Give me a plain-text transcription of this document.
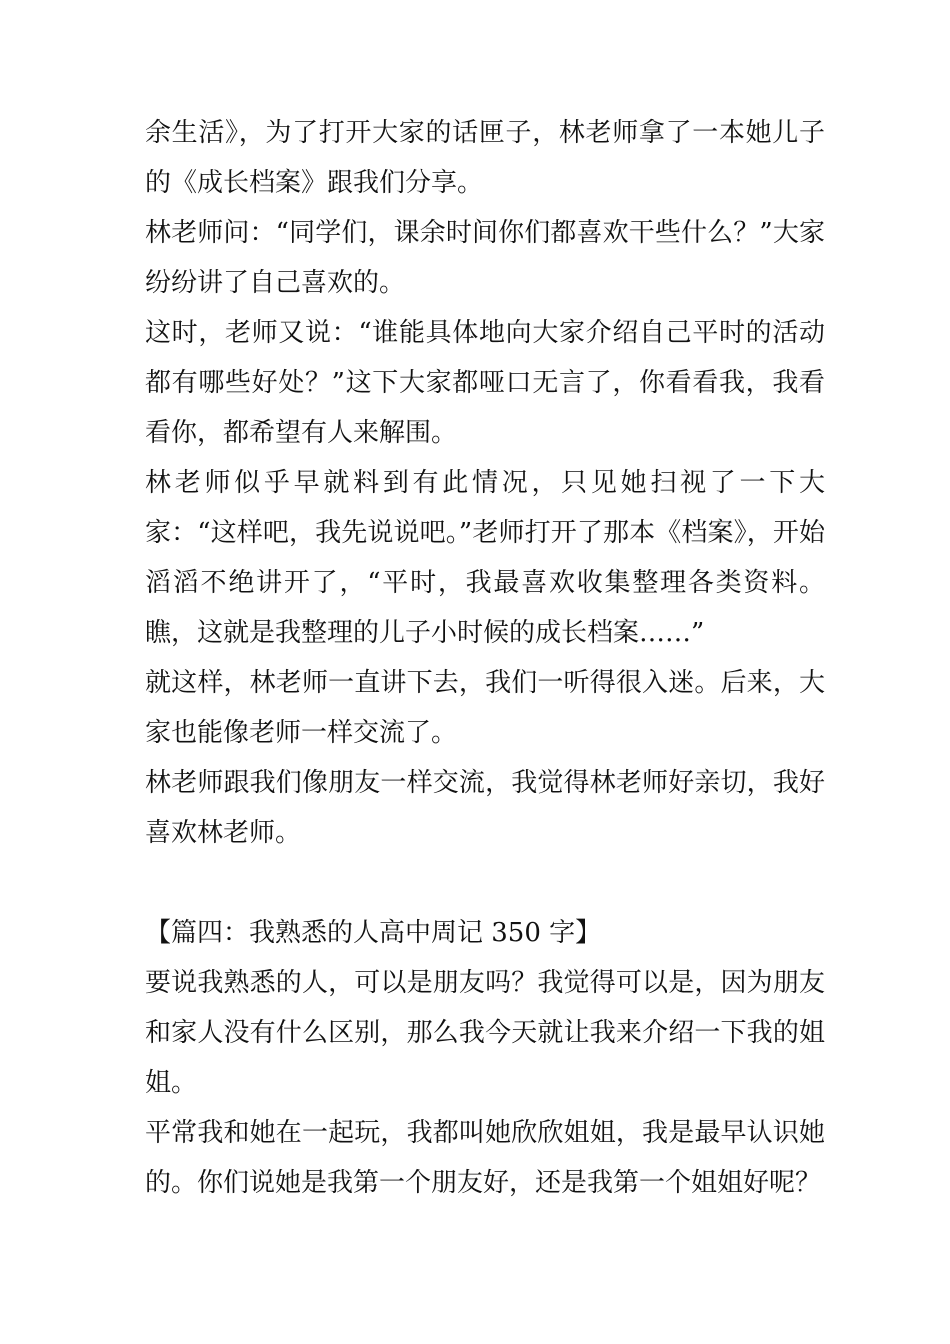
余生活》，为了打开大家的话匣子，林老师拿了一本她儿子的《成长档案》跟我们分享。

林老师问：“同学们，课余时间你们都喜欢干些什么？”大家纷纷讲了自己喜欢的。

这时，老师又说：“谁能具体地向大家介绍自己平时的活动都有哪些好处？”这下大家都哑口无言了，你看看我，我看看你，都希望有人来解围。

林老师似乎早就料到有此情况，只见她扫视了一下大家：“这样吧，我先说说吧。”老师打开了那本《档案》，开始滔滔不绝讲开了，“平时，我最喜欢收集整理各类资料。瞧，这就是我整理的儿子小时候的成长档案……”

就这样，林老师一直讲下去，我们一听得很入迷。后来，大家也能像老师一样交流了。

林老师跟我们像朋友一样交流，我觉得林老师好亲切，我好喜欢林老师。

【篇四：我熟悉的人高中周记 350 字】

要说我熟悉的人，可以是朋友吗？我觉得可以是，因为朋友和家人没有什么区别，那么我今天就让我来介绍一下我的姐姐。

平常我和她在一起玩，我都叫她欣欣姐姐，我是最早认识她的。你们说她是我第一个朋友好，还是我第一个姐姐好呢？
